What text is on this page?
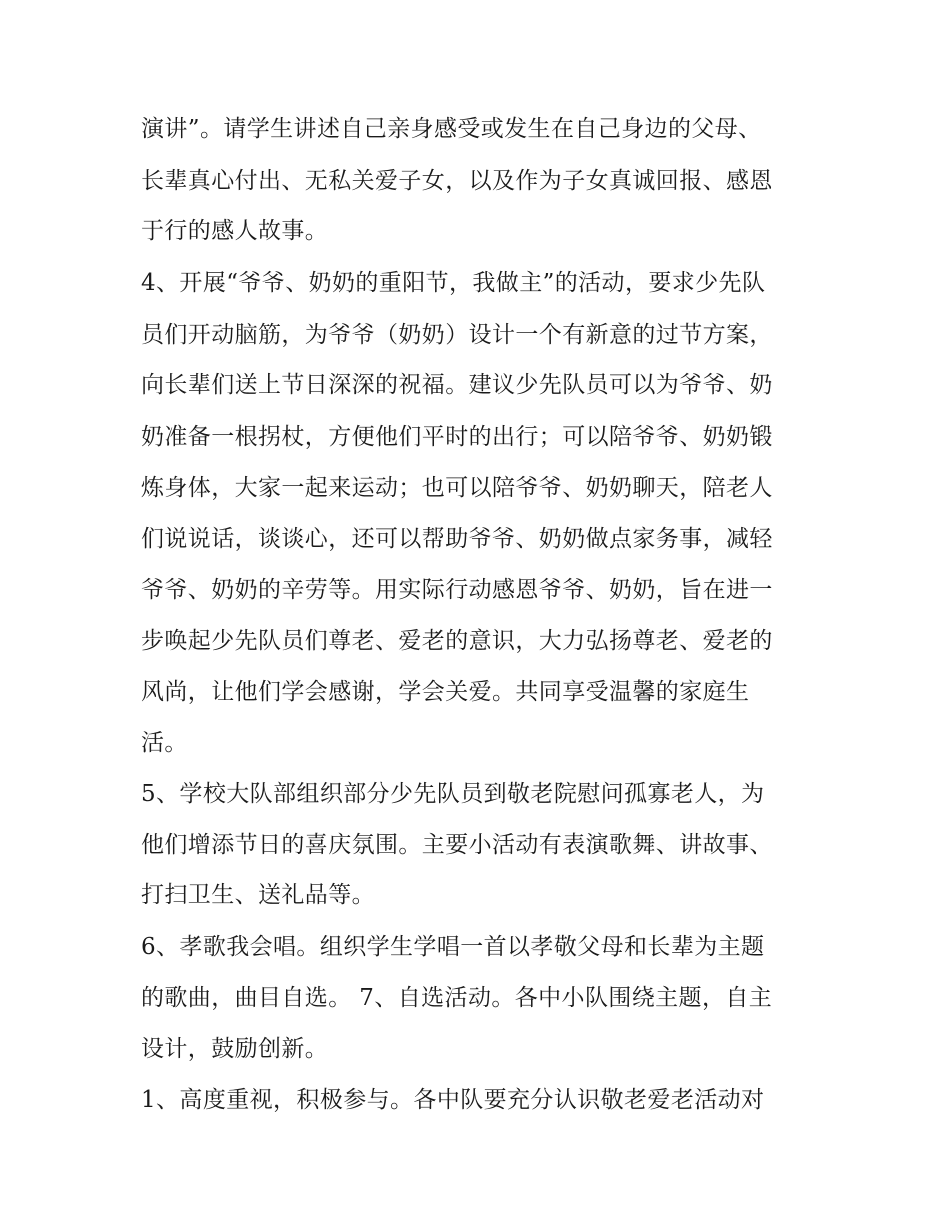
演讲”。请学生讲述自己亲身感受或发生在自己身边的父母、
长辈真心付出、无私关爱子女，以及作为子女真诚回报、感恩
于行的感人故事。
4、开展“爷爷、奶奶的重阳节，我做主”的活动，要求少先队
员们开动脑筋，为爷爷（奶奶）设计一个有新意的过节方案，
向长辈们送上节日深深的祝福。建议少先队员可以为爷爷、奶
奶准备一根拐杖，方便他们平时的出行；可以陪爷爷、奶奶锻
炼身体，大家一起来运动；也可以陪爷爷、奶奶聊天，陪老人
们说说话，谈谈心，还可以帮助爷爷、奶奶做点家务事，减轻
爷爷、奶奶的辛劳等。用实际行动感恩爷爷、奶奶，旨在进一
步唤起少先队员们尊老、爱老的意识，大力弘扬尊老、爱老的
风尚，让他们学会感谢，学会关爱。共同享受温馨的家庭生
活。
5、学校大队部组织部分少先队员到敬老院慰问孤寡老人，为
他们增添节日的喜庆氛围。主要小活动有表演歌舞、讲故事、
打扫卫生、送礼品等。
6、孝歌我会唱。组织学生学唱一首以孝敬父母和长辈为主题
的歌曲，曲目自选。 7、自选活动。各中小队围绕主题，自主
设计，鼓励创新。
1、高度重视，积极参与。各中队要充分认识敬老爱老活动对
